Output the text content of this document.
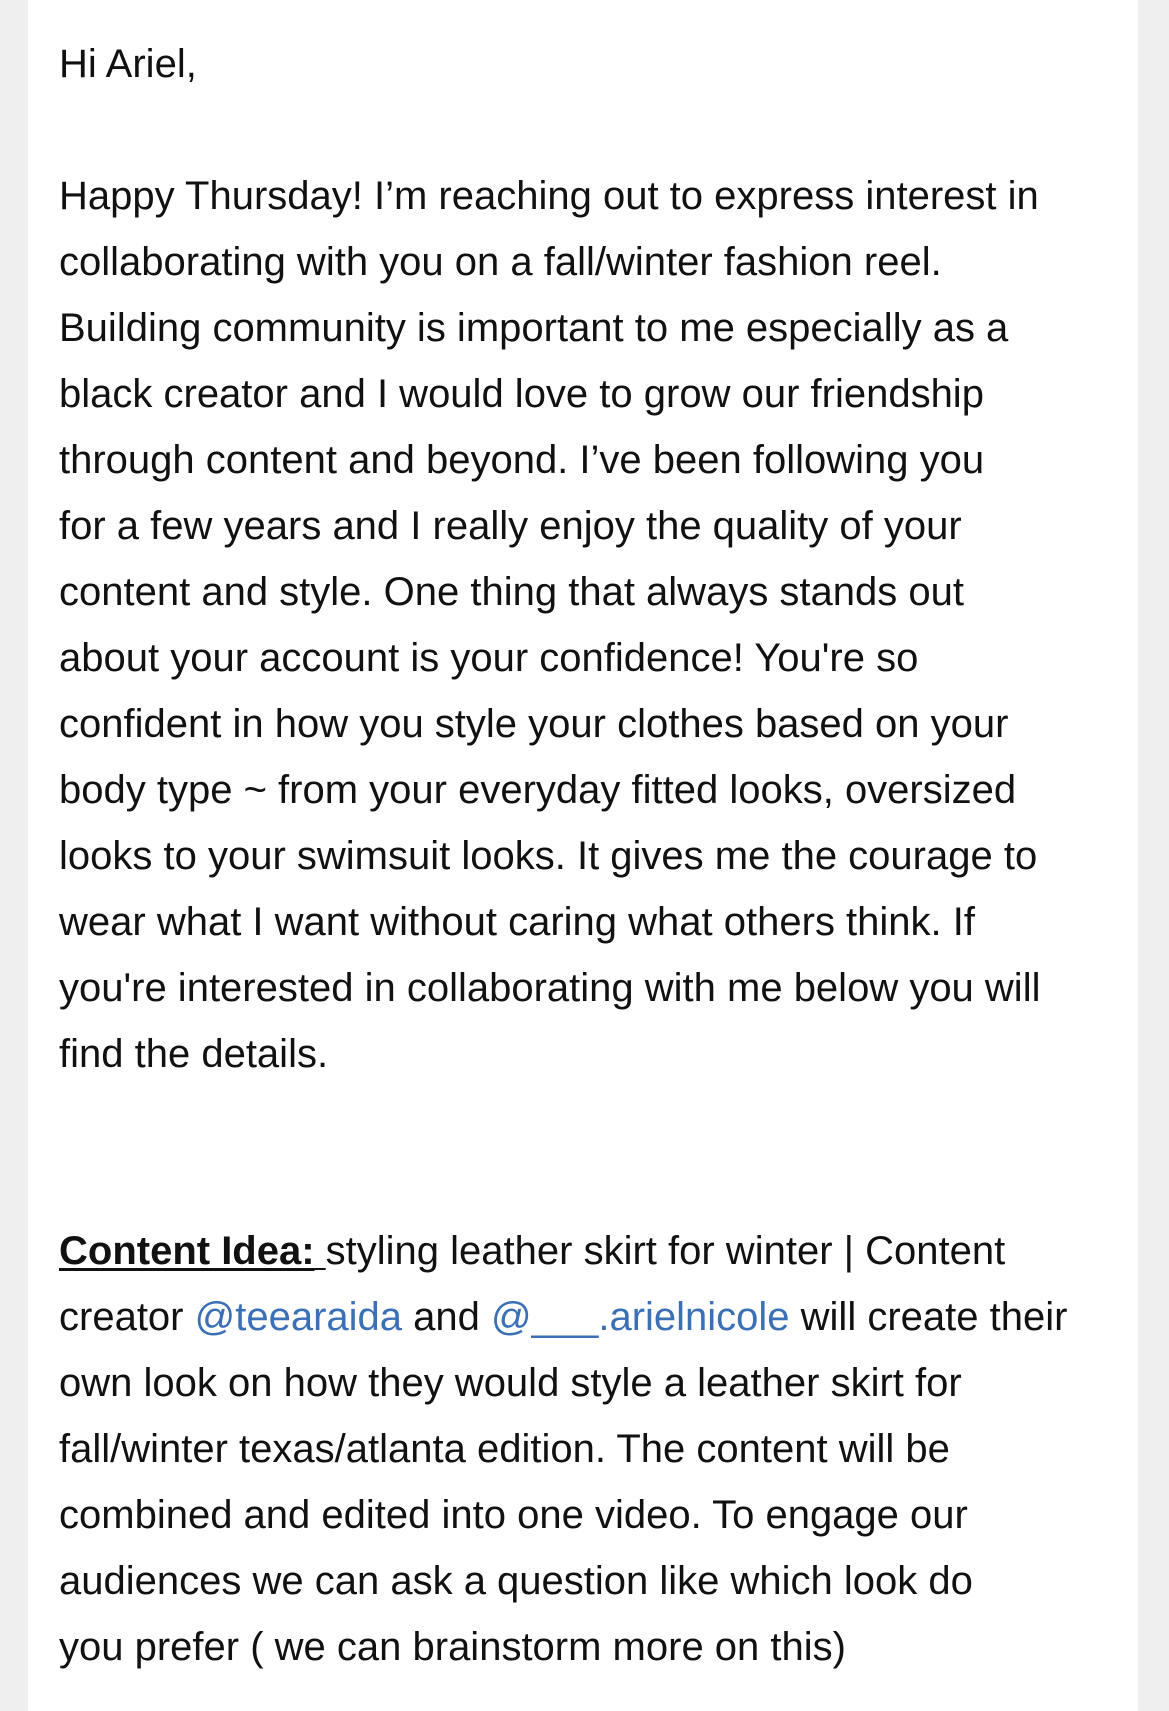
Hi Ariel,
Happy Thursday! I’m reaching out to express interest in
collaborating with you on a fall/winter fashion reel.
Building community is important to me especially as a
black creator and I would love to grow our friendship
through content and beyond. I’ve been following you
for a few years and I really enjoy the quality of your
content and style. One thing that always stands out
about your account is your confidence! You're so
confident in how you style your clothes based on your
body type ~ from your everyday fitted looks, oversized
looks to your swimsuit looks. It gives me the courage to
wear what I want without caring what others think. If
you're interested in collaborating with me below you will
find the details.
Content Idea: styling leather skirt for winter | Content
creator @teearaida and @___.arielnicole will create their
own look on how they would style a leather skirt for
fall/winter texas/atlanta edition. The content will be
combined and edited into one video. To engage our
audiences we can ask a question like which look do
you prefer ( we can brainstorm more on this)
